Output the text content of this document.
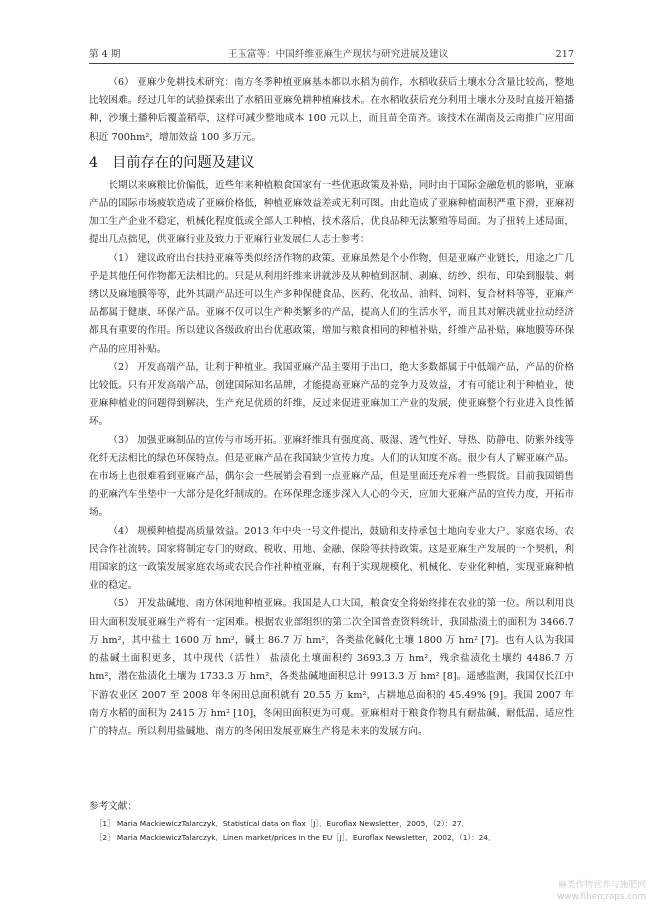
第 4 期	王玉富等：中国纤维亚麻生产现状与研究进展及建议	217

（6） 亚麻少免耕技术研究：南方冬季种植亚麻基本都以水稻为前作，水稻收获后土壤水分含量比较高，整地比较困难。经过几年的试验探索出了水稻田亚麻免耕种植麻技术。在水稻收获后充分利用土壤水分及时直接开箱播种，沙壤土播种后覆盖稻草，这样可减少整地成本 100 元以上，而且苗全苗齐。该技术在湖南及云南推广应用面积近 700hm²，增加效益 100 多万元。

4 目前存在的问题及建议

长期以来麻粮比价偏低，近些年来种植粮食国家有一些优惠政策及补贴，同时由于国际金融危机的影响，亚麻产品的国际市场疲软造成了亚麻价格低，种植亚麻效益差或无利可图。由此造成了亚麻种植面积严重下滑，亚麻初加工生产企业不稳定，机械化程度低或全部人工种植，技术落后，优良品种无法繁殖等局面。为了扭转上述局面，提出几点拙见，供亚麻行业及致力于亚麻行业发展仁人志士参考：

（1） 建议政府出台扶持亚麻等类似经济作物的政策。亚麻虽然是个小作物，但是亚麻产业链长，用途之广几乎是其他任何作物都无法相比的。只是从利用纤维来讲就涉及从种植到沤制、剥麻、纺纱、织布、印染到服装、刺绣以及麻地膜等等，此外其副产品还可以生产多种保健食品、医药、化妆品、油料、饲料、复合材料等等，亚麻产品都属于健康、环保产品。亚麻不仅可以生产种类繁多的产品，提高人们的生活水平，而且其对解决就业拉动经济都具有重要的作用。所以建议各级政府出台优惠政策，增加与粮食相同的种植补贴，纤维产品补贴，麻地膜等环保产品的应用补贴。

（2） 开发高端产品，让利于种植业。我国亚麻产品主要用于出口，绝大多数都属于中低端产品，产品的价格比较低。只有开发高端产品，创建国际知名品牌，才能提高亚麻产品的竞争力及效益，才有可能让利于种植业，使亚麻种植业的问题得到解决，生产充足优质的纤维，反过来促进亚麻加工产业的发展，使亚麻整个行业进入良性循环。

（3） 加强亚麻制品的宣传与市场开拓。亚麻纤维具有强度高、吸湿、透气性好、导热、防静电、防紫外线等化纤无法相比的绿色环保特点。但是亚麻产品在我国缺少宣传力度。人们的认知度不高。很少有人了解亚麻产品。在市场上也很难看到亚麻产品，偶尔会一些展销会看到一点亚麻产品，但是里面还充斥着一些假货。目前我国销售的亚麻汽车坐垫中一大部分是化纤制成的。在环保理念逐步深入人心的今天，应加大亚麻产品的宣传力度，开拓市场。

（4） 规模种植提高质量效益。2013 年中央一号文件提出，鼓励和支持承包土地向专业大户、家庭农场、农民合作社流转。国家将制定专门的财政、税收、用地、金融、保险等扶持政策。这是亚麻生产发展的一个契机，利用国家的这一政策发展家庭农场或农民合作社种植亚麻，有利于实现规模化、机械化、专业化种植，实现亚麻种植业的稳定。

（5） 开发盐碱地、南方休闲地种植亚麻。我国是人口大国，粮食安全将始终排在农业的第一位。所以利用良田大面积发展亚麻生产将有一定困难。根据农业部组织的第二次全国普查资料统计，我国盐渍土的面积为 3466.7 万 hm²，其中盐土 1600 万 hm²，碱土 86.7 万 hm²，各类盐化碱化土壤 1800 万 hm² [7]。也有人认为我国的盐碱土面积更多，其中现代（活性） 盐渍化土壤面积约 3693.3 万 hm²，残余盐渍化土壤约 4486.7 万 hm²，潜在盐渍化土壤为 1733.3 万 hm²，各类盐碱地面积总计 9913.3 万 hm² [8]。遥感监测，我国仅长江中下游农业区 2007 至 2008 年冬闲田总面积就有 20.55 万 km²，占耕地总面积的 45.49% [9]。我国 2007 年南方水稻的面积为 2415 万 hm² [10]，冬闲田面积更为可观。亚麻相对于粮食作物具有耐盐碱、耐低温、适应性广的特点。所以利用盐碱地、南方的冬闲田发展亚麻生产将是未来的发展方向。

参考文献：
［1］ Maria MackiewiczTalarczyk．Statistical data on flax［J］．Euroflax Newsletter，2005，（2）：27．
［2］ Maria MackiewiczTalarczyk．Linen market/prices in the EU［J］．Euroflax Newsletter，2002，（1）：24．
麻类作物营养与施肥网
www.fibercrops.com
